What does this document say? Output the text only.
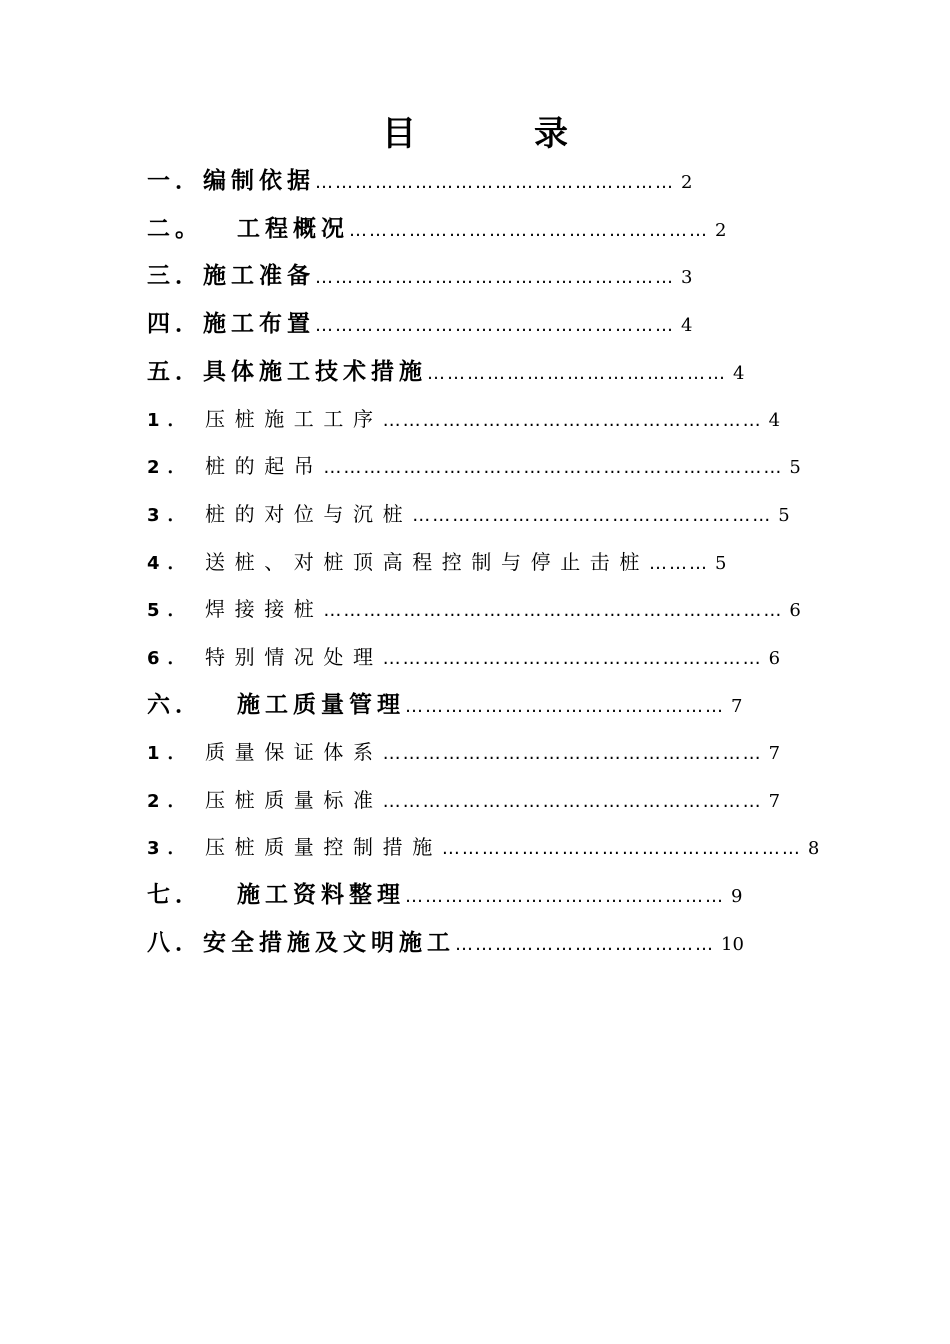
目	录
一．编制依据……………………………………………… 2
二。 工程概况……………………………………………… 2
三．施工准备……………………………………………… 3
四．施工布置……………………………………………… 4
五．具体施工技术措施……………………………………… 4
1． 压桩施工工序………………………………………………… 4
2． 桩的起吊…………………………………………………………… 5
3． 桩的对位与沉桩……………………………………………… 5
4． 送桩、对桩顶高程控制与停止击桩……… 5
5． 焊接接桩…………………………………………………………… 6
6． 特别情况处理………………………………………………… 6
六． 施工质量管理………………………………………… 7
1． 质量保证体系………………………………………………… 7
2． 压桩质量标准………………………………………………… 7
3． 压桩质量控制措施……………………………………………… 8
七． 施工资料整理………………………………………… 9
八．安全措施及文明施工………………………………… 10
